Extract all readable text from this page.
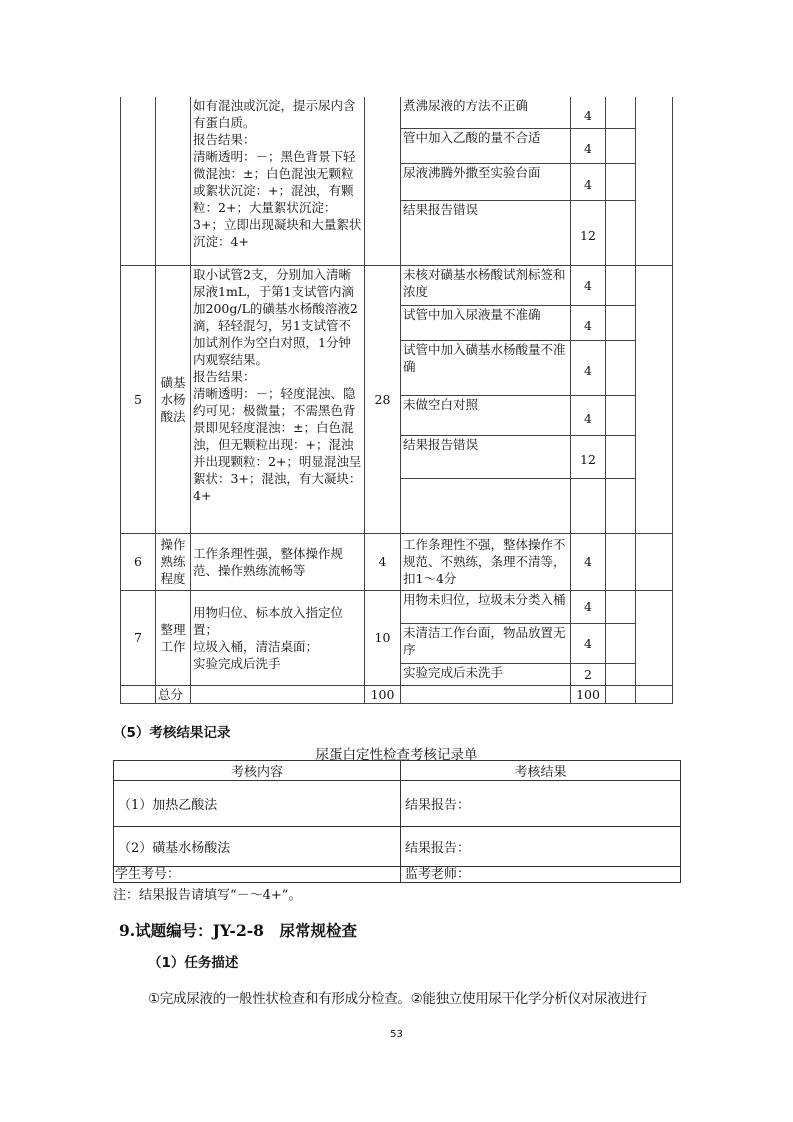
		如有混浊或沉淀，提示尿内含有蛋白质。
报告结果：
清晰透明：－；黑色背景下轻微混浊：±；白色混浊无颗粒或絮状沉淀：+；混浊，有颗粒：2+；大量絮状沉淀：3+；立即出现凝块和大量絮状沉淀：4+		煮沸尿液的方法不正确	4		
				管中加入乙酸的量不合适	4		
				尿液沸腾外撒至实验台面	4		
				结果报告错误	12		
5	磺基水杨酸法	取小试管2支，分别加入清晰尿液1mL，于第1支试管内滴加200g/L的磺基水杨酸溶液2滴，轻轻混匀，另1支试管不加试剂作为空白对照，1分钟内观察结果。
报告结果：
清晰透明：－；轻度混浊、隐约可见：极微量；不需黑色背景即见轻度混浊：±；白色混浊，但无颗粒出现：+；混浊并出现颗粒：2+；明显混浊呈絮状：3+；混浊，有大凝块：4+	28	未核对磺基水杨酸试剂标签和浓度	4		
				试管中加入尿液量不准确	4		
				试管中加入磺基水杨酸量不准确	4		
				未做空白对照	4		
				结果报告错误	12		

6	操作熟练程度	工作条理性强，整体操作规范、操作熟练流畅等	4	工作条理性不强，整体操作不规范、不熟练，条理不清等，扣1～4分	4		
7	整理工作	用物归位、标本放入指定位置；
垃圾入桶，清洁桌面；
实验完成后洗手	10	用物未归位，垃圾未分类入桶	4		
				未清洁工作台面，物品放置无序	4		
				实验完成后未洗手	2		
	总分		100		100		
（5）考核结果记录
尿蛋白定性检查考核记录单
考核内容	考核结果
（1）加热乙酸法	结果报告：
（2）磺基水杨酸法	结果报告：
学生考号：	监考老师：
注：结果报告请填写“－～4+”。
9.试题编号：JY-2-8　尿常规检查
（1）任务描述
①完成尿液的一般性状检查和有形成分检查。②能独立使用尿干化学分析仪对尿液进行
53
